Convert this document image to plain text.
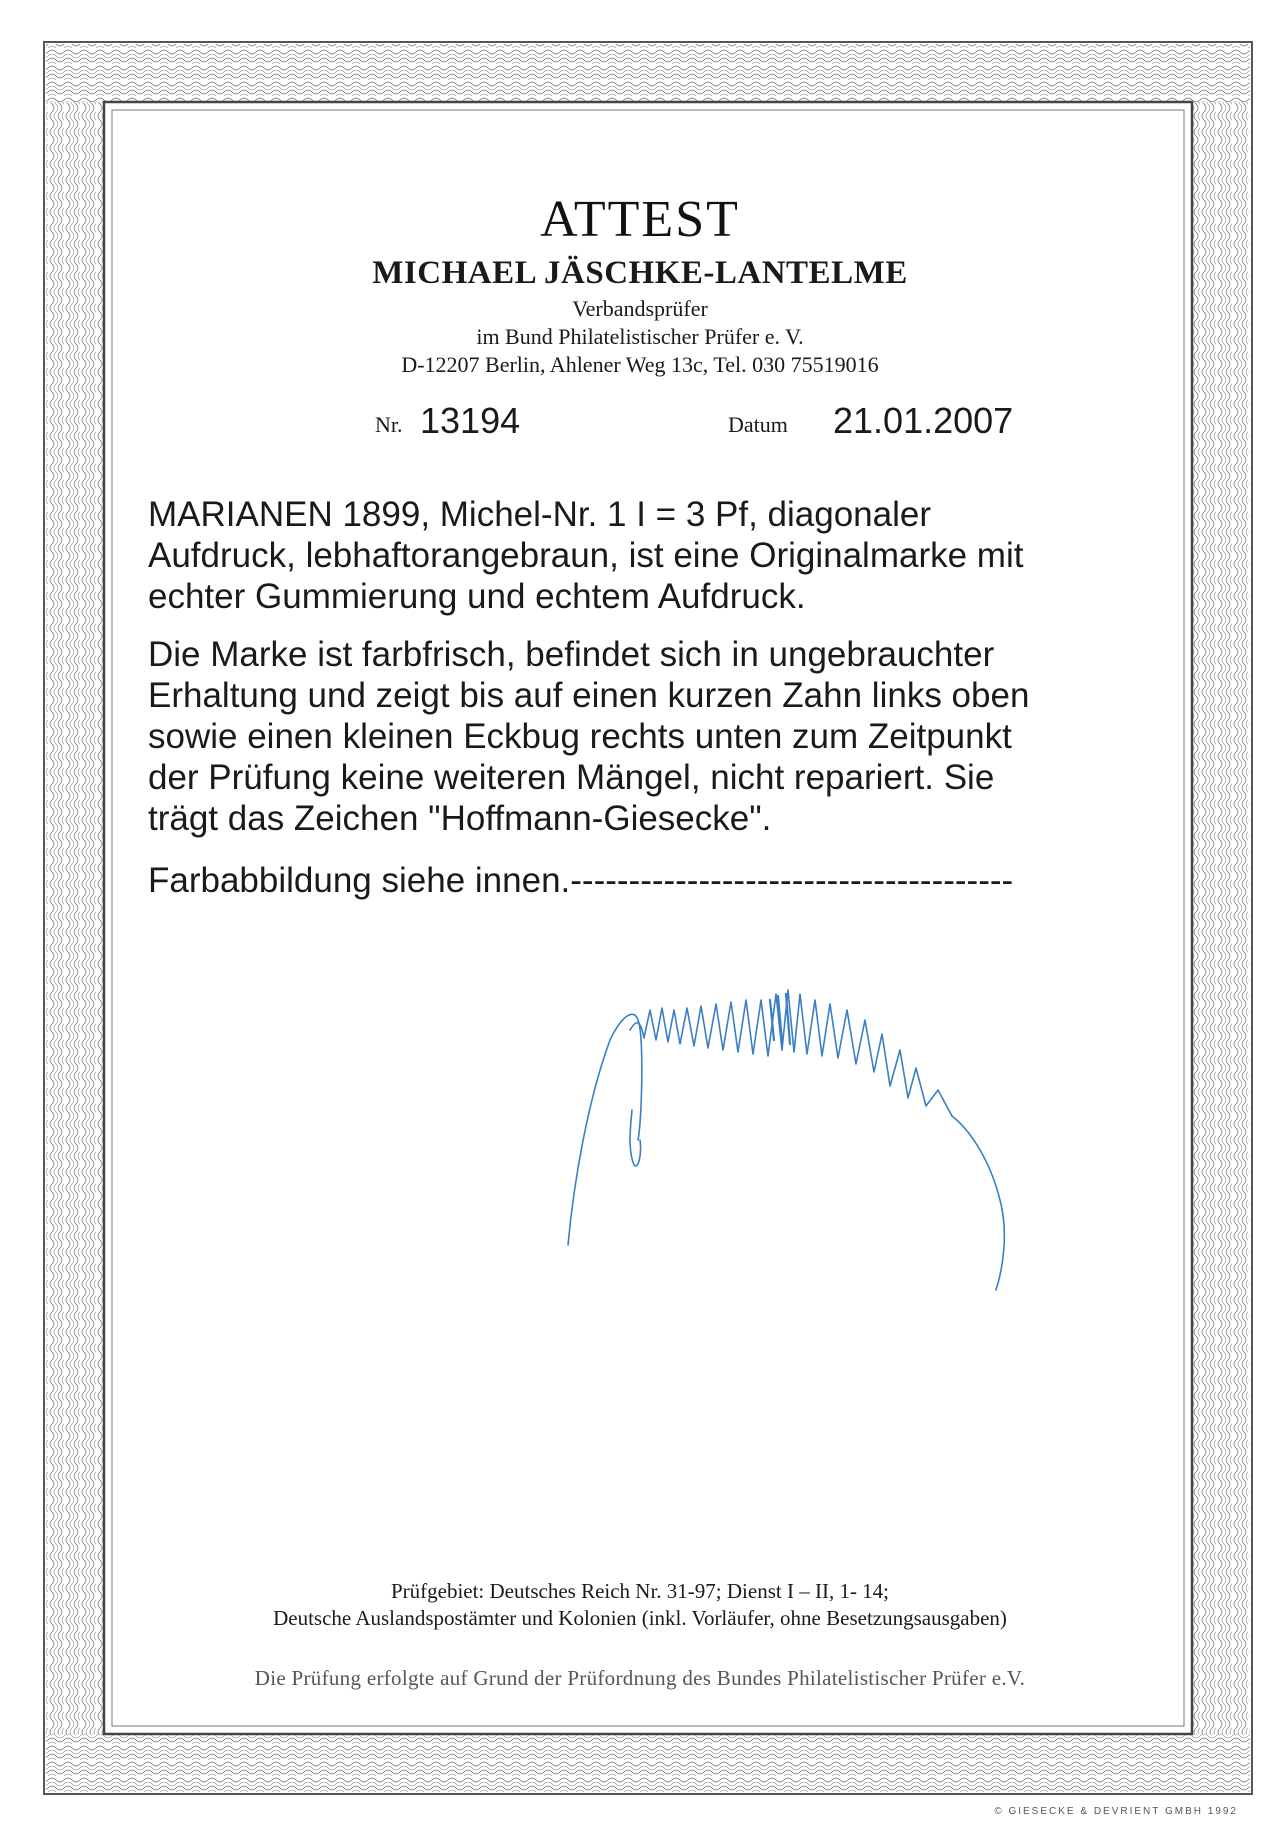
ATTEST
MICHAEL JÄSCHKE-LANTELME
Verbandsprüfer
im Bund Philatelistischer Prüfer e. V.
D-12207 Berlin, Ahlener Weg 13c, Tel. 030 75519016
Nr. 13194	Datum 21.01.2007
MARIANEN 1899, Michel-Nr. 1 I = 3 Pf, diagonaler
Aufdruck, lebhaftorangebraun, ist eine Originalmarke mit
echter Gummierung und echtem Aufdruck.
Die Marke ist farbfrisch, befindet sich in ungebrauchter
Erhaltung und zeigt bis auf einen kurzen Zahn links oben
sowie einen kleinen Eckbug rechts unten zum Zeitpunkt
der Prüfung keine weiteren Mängel, nicht repariert. Sie
trägt das Zeichen "Hoffmann-Giesecke".
Farbabbildung siehe innen.--------------------------------------
Prüfgebiet: Deutsches Reich Nr. 31-97; Dienst I – II, 1- 14;
Deutsche Auslandspostämter und Kolonien (inkl. Vorläufer, ohne Besetzungsausgaben)
Die Prüfung erfolgte auf Grund der Prüfordnung des Bundes Philatelistischer Prüfer e.V.
© GIESECKE & DEVRIENT GMBH 1992
